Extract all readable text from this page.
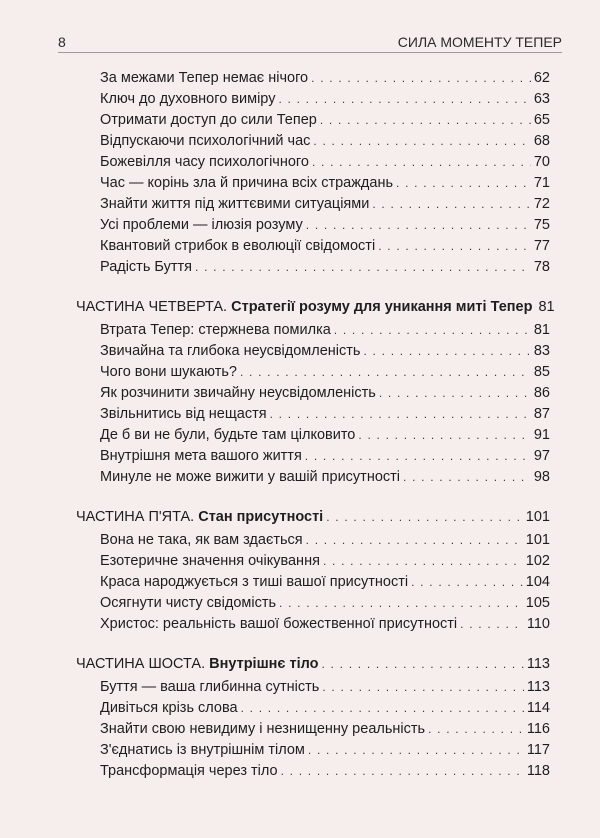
8	СИЛА МОМЕНТУ ТЕПЕР
За межами Тепер немає нічого . . .	62
Ключ до духовного виміру . . .	63
Отримати доступ до сили Тепер . . .	65
Відпускаючи психологічний час . . .	68
Божевілля часу психологічного . . .	70
Час — корінь зла й причина всіх страждань . . .	71
Знайти життя під життєвими ситуаціями . . .	72
Усі проблеми — ілюзія розуму . . .	75
Квантовий стрибок в еволюції свідомості . . .	77
Радість Буття . . .	78
ЧАСТИНА ЧЕТВЕРТА. Стратегії розуму для уникання миті Тепер 81
Втрата Тепер: стержнева помилка . . .	81
Звичайна та глибока неусвідомленість . . .	83
Чого вони шукають? . . .	85
Як розчинити звичайну неусвідомленість . . .	86
Звільнитись від нещастя . . .	87
Де б ви не були, будьте там цілковито . . .	91
Внутрішня мета вашого життя . . .	97
Минуле не може вижити у вашій присутності . . .	98
ЧАСТИНА П'ЯТА. Стан присутності . . .	101
Вона не така, як вам здається . . .	101
Езотеричне значення очікування . . .	102
Краса народжується з тиші вашої присутності . . .	104
Осягнути чисту свідомість . . .	105
Христос: реальність вашої божественної присутності . . .	110
ЧАСТИНА ШОСТА. Внутрішнє тіло . . .	113
Буття — ваша глибинна сутність . . .	113
Дивіться крізь слова . . .	114
Знайти свою невидиму і незнищенну реальність . . .	116
З'єднатись із внутрішнім тілом . . .	117
Трансформація через тіло . . .	118
